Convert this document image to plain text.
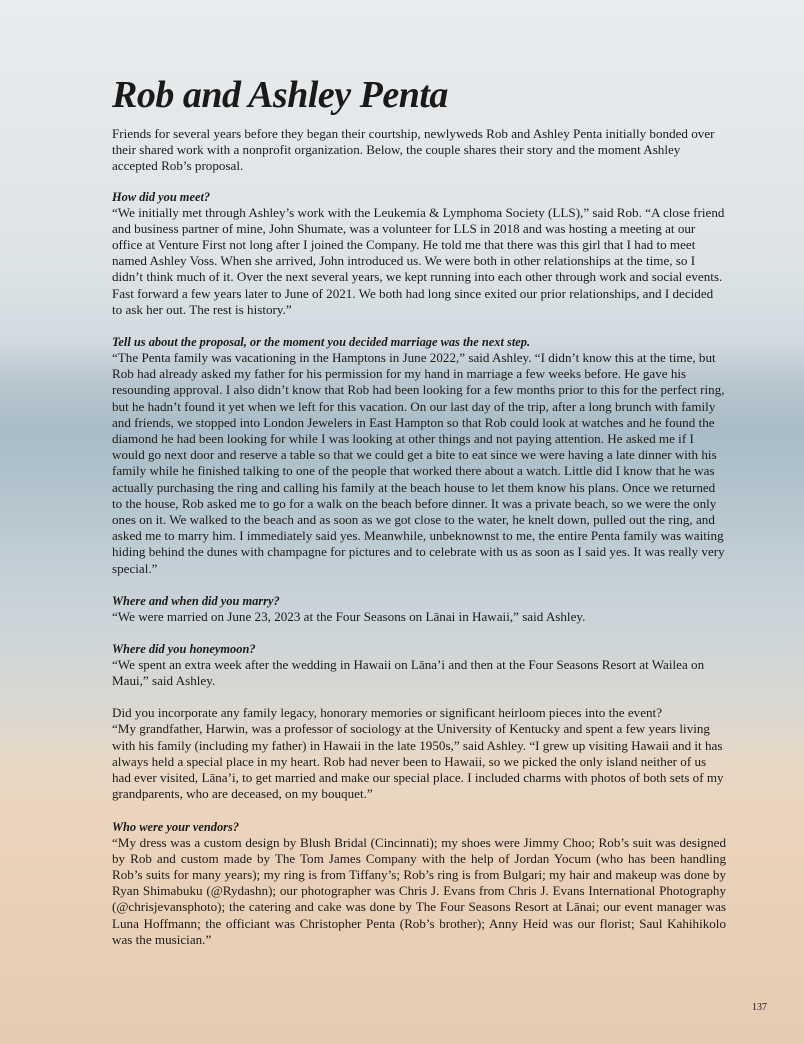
Rob and Ashley Penta

Friends for several years before they began their courtship, newlyweds Rob and Ashley Penta initially bonded over their shared work with a nonprofit organization. Below, the couple shares their story and the moment Ashley accepted Rob’s proposal.

How did you meet?

“We initially met through Ashley’s work with the Leukemia & Lymphoma Society (LLS),” said Rob. “A close friend and business partner of mine, John Shumate, was a volunteer for LLS in 2018 and was hosting a meeting at our office at Venture First not long after I joined the Company. He told me that there was this girl that I had to meet named Ashley Voss. When she arrived, John introduced us. We were both in other relationships at the time, so I didn’t think much of it. Over the next several years, we kept running into each other through work and social events. Fast forward a few years later to June of 2021. We both had long since exited our prior relationships, and I decided to ask her out. The rest is history.”

Tell us about the proposal, or the moment you decided marriage was the next step.

“The Penta family was vacationing in the Hamptons in June 2022,” said Ashley. “I didn’t know this at the time, but Rob had already asked my father for his permission for my hand in marriage a few weeks before. He gave his resounding approval. I also didn’t know that Rob had been looking for a few months prior to this for the perfect ring, but he hadn’t found it yet when we left for this vacation. On our last day of the trip, after a long brunch with family and friends, we stopped into London Jewelers in East Hampton so that Rob could look at watches and he found the diamond he had been looking for while I was looking at other things and not paying attention. He asked me if I would go next door and reserve a table so that we could get a bite to eat since we were having a late dinner with his family while he finished talking to one of the people that worked there about a watch. Little did I know that he was actually purchasing the ring and calling his family at the beach house to let them know his plans. Once we returned to the house, Rob asked me to go for a walk on the beach before dinner. It was a private beach, so we were the only ones on it. We walked to the beach and as soon as we got close to the water, he knelt down, pulled out the ring, and asked me to marry him. I immediately said yes. Meanwhile, unbeknownst to me, the entire Penta family was waiting hiding behind the dunes with champagne for pictures and to celebrate with us as soon as I said yes. It was really very special.”

Where and when did you marry?

“We were married on June 23, 2023 at the Four Seasons on Lānai in Hawaii,” said Ashley.

Where did you honeymoon?

“We spent an extra week after the wedding in Hawaii on Lāna’i and then at the Four Seasons Resort at Wailea on Maui,” said Ashley.

Did you incorporate any family legacy, honorary memories or significant heirloom pieces into the event?

“My grandfather, Harwin, was a professor of sociology at the University of Kentucky and spent a few years living with his family (including my father) in Hawaii in the late 1950s,” said Ashley. “I grew up visiting Hawaii and it has always held a special place in my heart. Rob had never been to Hawaii, so we picked the only island neither of us had ever visited, Lāna’i, to get married and make our special place. I included charms with photos of both sets of my grandparents, who are deceased, on my bouquet.”

Who were your vendors?

“My dress was a custom design by Blush Bridal (Cincinnati); my shoes were Jimmy Choo; Rob’s suit was designed by Rob and custom made by The Tom James Company with the help of Jordan Yocum (who has been handling Rob’s suits for many years); my ring is from Tiffany’s; Rob’s ring is from Bulgari; my hair and makeup was done by Ryan Shimabuku (@Rydashn); our photographer was Chris J. Evans from Chris J. Evans International Photography (@chrisjevansphoto); the catering and cake was done by The Four Seasons Resort at Lānai; our event manager was Luna Hoffmann; the officiant was Christopher Penta (Rob’s brother); Anny Heid was our florist; Saul Kahihikolo was the musician.”

137
